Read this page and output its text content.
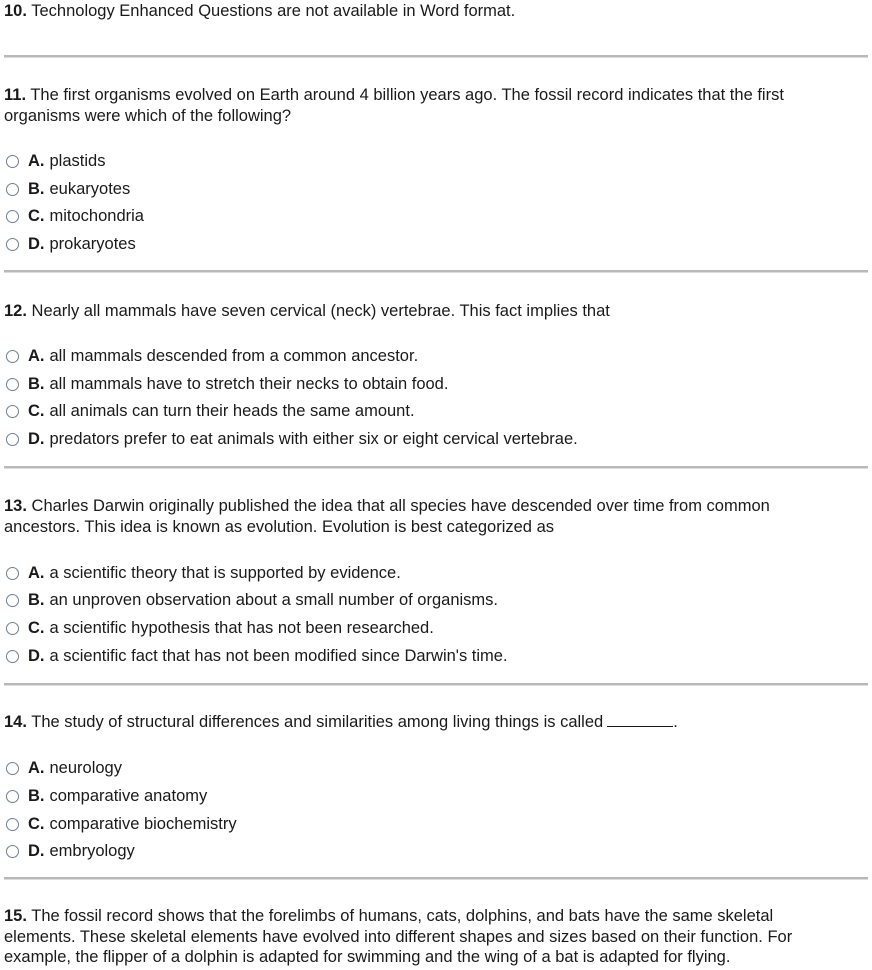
10. Technology Enhanced Questions are not available in Word format.

11. The first organisms evolved on Earth around 4 billion years ago. The fossil record indicates that the first organisms were which of the following?

A. plastids
B. eukaryotes
C. mitochondria
D. prokaryotes

12. Nearly all mammals have seven cervical (neck) vertebrae. This fact implies that

A. all mammals descended from a common ancestor.
B. all mammals have to stretch their necks to obtain food.
C. all animals can turn their heads the same amount.
D. predators prefer to eat animals with either six or eight cervical vertebrae.

13. Charles Darwin originally published the idea that all species have descended over time from common ancestors. This idea is known as evolution. Evolution is best categorized as

A. a scientific theory that is supported by evidence.
B. an unproven observation about a small number of organisms.
C. a scientific hypothesis that has not been researched.
D. a scientific fact that has not been modified since Darwin's time.

14. The study of structural differences and similarities among living things is called	.

A. neurology
B. comparative anatomy
C. comparative biochemistry
D. embryology

15. The fossil record shows that the forelimbs of humans, cats, dolphins, and bats have the same skeletal elements. These skeletal elements have evolved into different shapes and sizes based on their function. For example, the flipper of a dolphin is adapted for swimming and the wing of a bat is adapted for flying.
